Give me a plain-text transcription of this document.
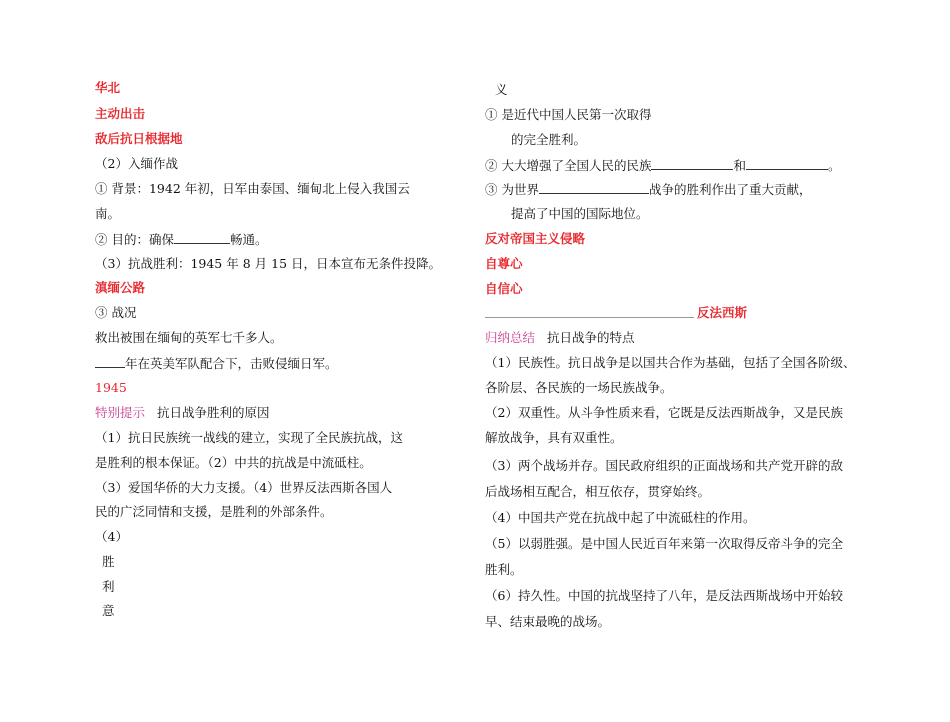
华北
主动出击
敌后抗日根据地
（2）入缅作战
① 背景：1942 年初，日军由泰国、缅甸北上侵入我国云
南。
② 目的：确保	畅通。
（3）抗战胜利：1945 年 8 月 15 日，日本宣布无条件投降。
滇缅公路
③ 战况
救出被围在缅甸的英军七千多人。
年在英美军队配合下，击败侵缅日军。
1945
特别提示 抗日战争胜利的原因
（1）抗日民族统一战线的建立，实现了全民族抗战，这
是胜利的根本保证。（2）中共的抗战是中流砥柱。
（3）爱国华侨的大力支援。（4）世界反法西斯各国人
民的广泛同情和支援，是胜利的外部条件。
（4）
胜
利
意
义
① 是近代中国人民第一次取得
的完全胜利。
② 大大增强了全国人民的民族	和	。
③ 为世界	战争的胜利作出了重大贡献，
提高了中国的国际地位。
反对帝国主义侵略
自尊心
自信心
反法西斯
归纳总结 抗日战争的特点
（1）民族性。抗日战争是以国共合作为基础，包括了全国各阶级、
各阶层、各民族的一场民族战争。
（2）双重性。从斗争性质来看，它既是反法西斯战争，又是民族
解放战争，具有双重性。
（3）两个战场并存。国民政府组织的正面战场和共产党开辟的敌
后战场相互配合，相互依存，贯穿始终。
（4）中国共产党在抗战中起了中流砥柱的作用。
（5）以弱胜强。是中国人民近百年来第一次取得反帝斗争的完全
胜利。
（6）持久性。中国的抗战坚持了八年，是反法西斯战场中开始较
早、结束最晚的战场。
